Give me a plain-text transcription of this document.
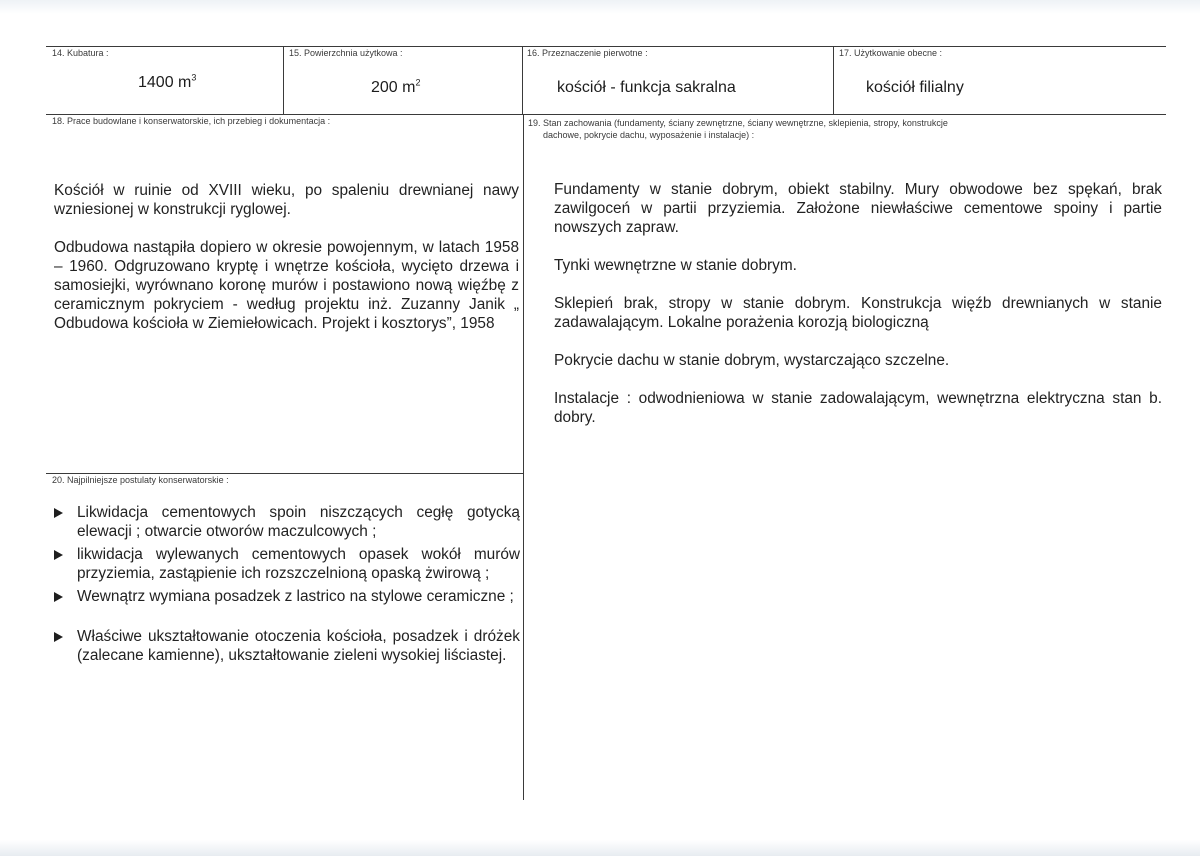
14. Kubatura :
1400 $m^3$
15. Powierzchnia użytkowa :
200 $m^2$
16. Przeznaczenie pierwotne :
kościół - funkcja sakralna
17. Użytkowanie obecne :
kościół filialny
18. Prace budowlane i konserwatorskie, ich przebieg i dokumentacja :

Kościół w ruinie od XVIII wieku, po spaleniu drewnianej nawy wzniesionej w konstrukcji ryglowej.

Odbudowa nastąpiła dopiero w okresie powojennym, w latach 1958 – 1960. Odgruzowano kryptę i wnętrze kościoła, wycięto drzewa i samosiejki, wyrównano koronę murów i postawiono nową więźbę z ceramicznym pokryciem - według projektu inż. Zuzanny Janik „ Odbudowa kościoła w Ziemiełowicach. Projekt i kosztorys”, 1958

19. Stan zachowania (fundamenty, ściany zewnętrzne, ściany wewnętrzne, sklepienia, stropy, konstrukcje
dachowe, pokrycie dachu, wyposażenie i instalacje) :

Fundamenty w stanie dobrym, obiekt stabilny. Mury obwodowe bez spękań, brak zawilgoceń w partii przyziemia. Założone niewłaściwe cementowe spoiny i partie nowszych zapraw.

Tynki wewnętrzne w stanie dobrym.

Sklepień brak, stropy w stanie dobrym. Konstrukcja więźb drewnianych w stanie zadawalającym. Lokalne porażenia korozją biologiczną

Pokrycie dachu w stanie dobrym, wystarczająco szczelne.

Instalacje : odwodnieniowa w stanie zadowalającym, wewnętrzna elektryczna stan b. dobry.

20. Najpilniejsze postulaty konserwatorskie :
Likwidacja cementowych spoin niszczących cegłę gotycką elewacji ; otwarcie otworów maczulcowych ;
likwidacja wylewanych cementowych opasek wokół murów przyziemia, zastąpienie ich rozszczelnioną opaską żwirową ;
Wewnątrz wymiana posadzek z lastrico na stylowe ceramiczne ;
Właściwe ukształtowanie otoczenia kościoła, posadzek i dróżek (zalecane kamienne), ukształtowanie zieleni wysokiej liściastej.
